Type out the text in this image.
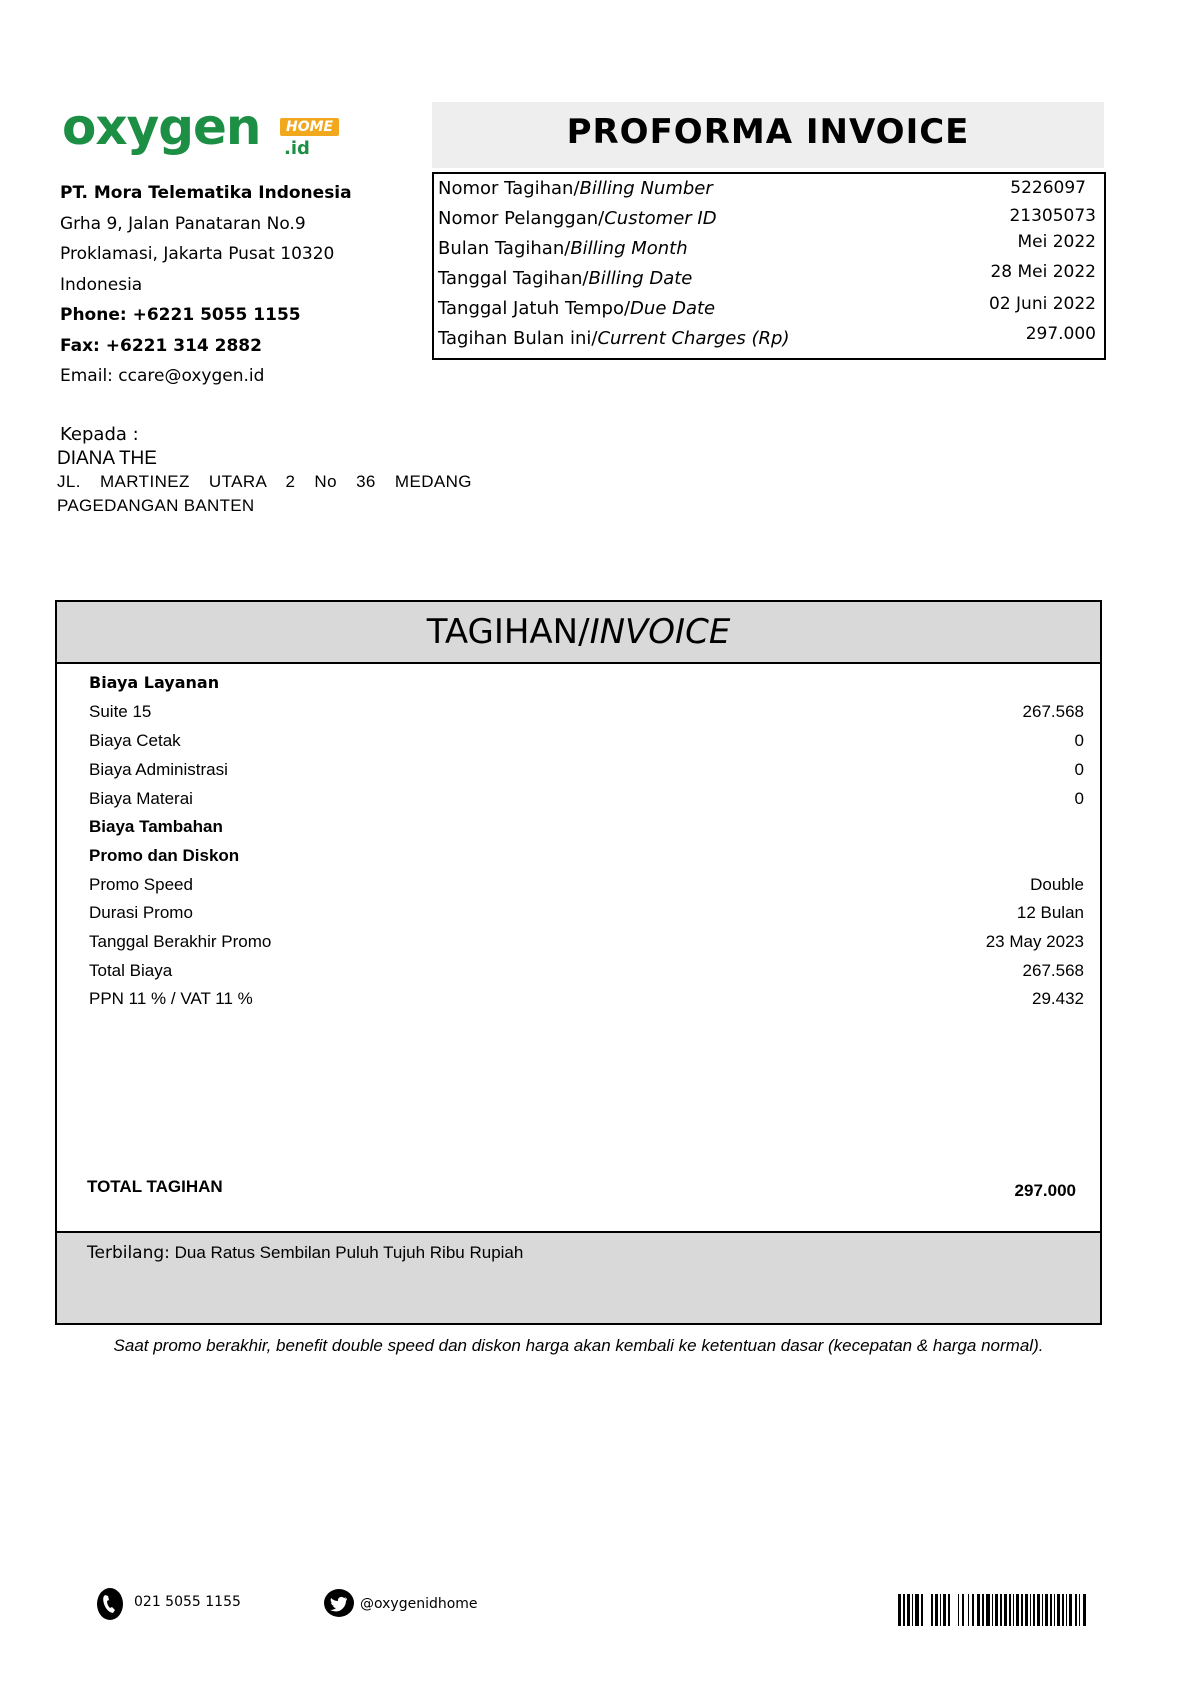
oxygen	HOME
.id
PT. Mora Telematika Indonesia
Grha 9, Jalan Panataran No.9
Proklamasi, Jakarta Pusat 10320
Indonesia
Phone: +6221 5055 1155
Fax: +6221 314 2882
Email: ccare@oxygen.id
PROFORMA INVOICE
Nomor Tagihan/Billing Number	5226097
Nomor Pelanggan/Customer ID	21305073
Bulan Tagihan/Billing Month	Mei 2022
Tanggal Tagihan/Billing Date	28 Mei 2022
Tanggal Jatuh Tempo/Due Date	02 Juni 2022
Tagihan Bulan ini/Current Charges (Rp)	297.000
Kepada :
DIANA THE
JL. MARTINEZ UTARA 2 No 36 MEDANG
PAGEDANGAN BANTEN
TAGIHAN/INVOICE
Biaya Layanan
Suite 15	267.568
Biaya Cetak	0
Biaya Administrasi	0
Biaya Materai	0
Biaya Tambahan
Promo dan Diskon
Promo Speed	Double
Durasi Promo	12 Bulan
Tanggal Berakhir Promo	23 May 2023
Total Biaya	267.568
PPN 11 % / VAT 11 %	29.432
TOTAL TAGIHAN	297.000
Terbilang: Dua Ratus Sembilan Puluh Tujuh Ribu Rupiah
Saat promo berakhir, benefit double speed dan diskon harga akan kembali ke ketentuan dasar (kecepatan & harga normal).
021 5055 1155	@oxygenidhome
